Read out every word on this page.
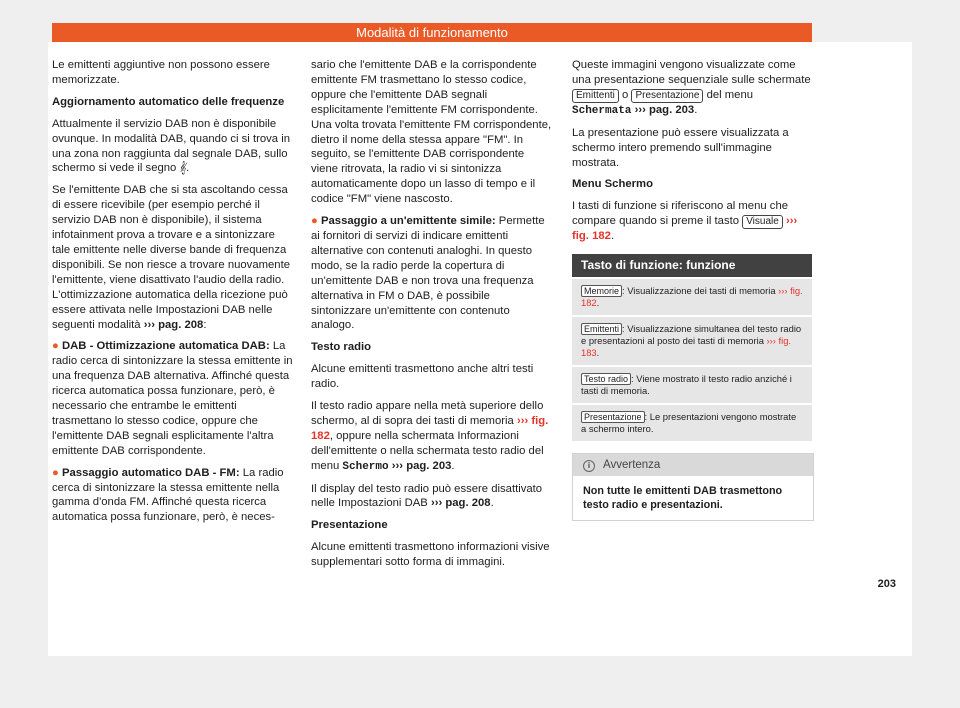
Modalità di funzionamento

Le emittenti aggiuntive non possono essere memorizzate.

Aggiornamento automatico delle frequenze

Attualmente il servizio DAB non è disponibile ovunque. In modalità DAB, quando ci si trova in una zona non raggiunta dal segnale DAB, sullo schermo si vede il segno 𝄞̸.

Se l'emittente DAB che si sta ascoltando cessa di essere ricevibile (per esempio perché il servizio DAB non è disponibile), il sistema infotainment prova a trovare e a sintonizzare tale emittente nelle diverse bande di frequenza disponibili. Se non riesce a trovare nuovamente l'emittente, viene disattivato l'audio della radio. L'ottimizzazione automatica della ricezione può essere attivata nelle Impostazioni DAB nelle seguenti modalità ››› pag. 208:

● DAB - Ottimizzazione automatica DAB: La radio cerca di sintonizzare la stessa emittente in una frequenza DAB alternativa. Affinché questa ricerca automatica possa funzionare, però, è necessario che entrambe le emittenti trasmettano lo stesso codice, oppure che l'emittente DAB segnali esplicitamente l'altra emittente DAB corrispondente.

● Passaggio automatico DAB - FM: La radio cerca di sintonizzare la stessa emittente nella gamma d'onda FM. Affinché questa ricerca automatica possa funzionare, però, è neces-

sario che l'emittente DAB e la corrispondente emittente FM trasmettano lo stesso codice, oppure che l'emittente DAB segnali esplicitamente l'emittente FM corrispondente. Una volta trovata l'emittente FM corrispondente, dietro il nome della stessa appare "FM". In seguito, se l'emittente DAB corrispondente viene ritrovata, la radio vi si sintonizza automaticamente dopo un lasso di tempo e il codice "FM" viene nascosto.

● Passaggio a un'emittente simile: Permette ai fornitori di servizi di indicare emittenti alternative con contenuti analoghi. In questo modo, se la radio perde la copertura di un'emittente DAB e non trova una frequenza alternativa in FM o DAB, è possibile sintonizzare un'emittente con contenuto analogo.

Testo radio

Alcune emittenti trasmettono anche altri testi radio.

Il testo radio appare nella metà superiore dello schermo, al di sopra dei tasti di memoria ››› fig. 182, oppure nella schermata Informazioni dell'emittente o nella schermata testo radio del menu Schermo ››› pag. 203.

Il display del testo radio può essere disattivato nelle Impostazioni DAB ››› pag. 208.

Presentazione

Alcune emittenti trasmettono informazioni visive supplementari sotto forma di immagini.

Queste immagini vengono visualizzate come una presentazione sequenziale sulle schermate Emittenti o Presentazione del menu Schermata ››› pag. 203.

La presentazione può essere visualizzata a schermo intero premendo sull'immagine mostrata.

Menu Schermo

I tasti di funzione si riferiscono al menu che compare quando si preme il tasto Visuale ››› fig. 182.

Tasto di funzione: funzione
Memorie : Visualizzazione dei tasti di memoria ››› fig. 182.
Emittenti : Visualizzazione simultanea del testo radio e presentazioni al posto dei tasti di memoria ››› fig. 183.
Testo radio : Viene mostrato il testo radio anziché i tasti di memoria.
Presentazione : Le presentazioni vengono mostrate a schermo intero.
i Avvertenza
Non tutte le emittenti DAB trasmettono testo radio e presentazioni.
203
